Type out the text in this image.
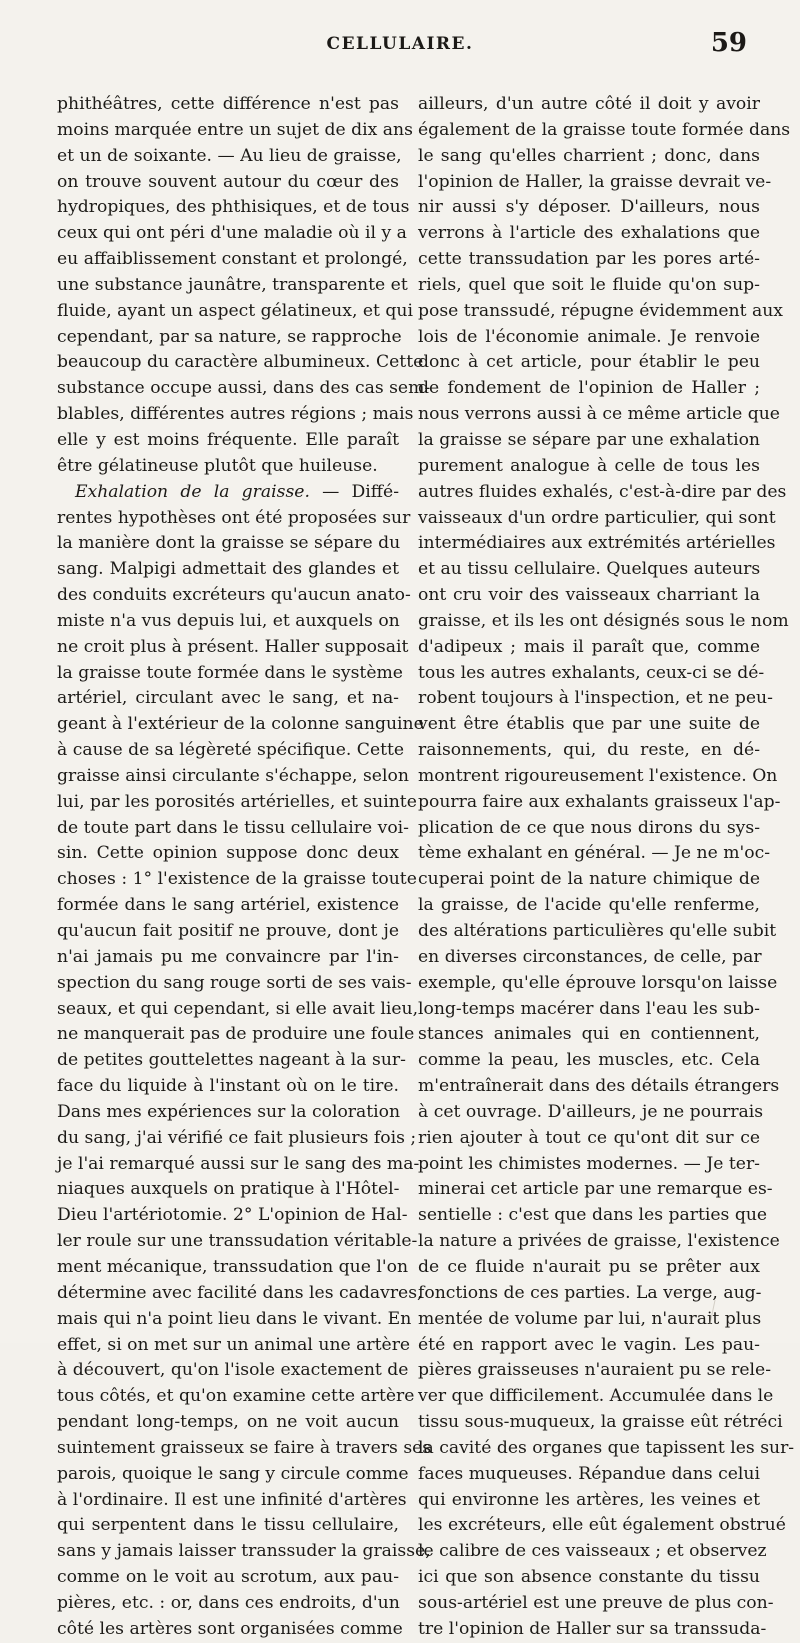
CELLULAIRE.	59
phithéâtres, cette différence n'est pas
moins marquée entre un sujet de dix ans
et un de soixante. — Au lieu de graisse,
on trouve souvent autour du cœur des
hydropiques, des phthisiques, et de tous
ceux qui ont péri d'une maladie où il y a
eu affaiblissement constant et prolongé,
une substance jaunâtre, transparente et
fluide, ayant un aspect gélatineux, et qui
cependant, par sa nature, se rapproche
beaucoup du caractère albumineux. Cette
substance occupe aussi, dans des cas sem-
blables, différentes autres régions ; mais
elle y est moins fréquente. Elle paraît
être gélatineuse plutôt que huileuse.
Exhalation de la graisse. — Diffé-
rentes hypothèses ont été proposées sur
la manière dont la graisse se sépare du
sang. Malpigi admettait des glandes et
des conduits excréteurs qu'aucun anato-
miste n'a vus depuis lui, et auxquels on
ne croit plus à présent. Haller supposait
la graisse toute formée dans le système
artériel, circulant avec le sang, et na-
geant à l'extérieur de la colonne sanguine
à cause de sa légèreté spécifique. Cette
graisse ainsi circulante s'échappe, selon
lui, par les porosités artérielles, et suinte
de toute part dans le tissu cellulaire voi-
sin. Cette opinion suppose donc deux
choses : 1° l'existence de la graisse toute
formée dans le sang artériel, existence
qu'aucun fait positif ne prouve, dont je
n'ai jamais pu me convaincre par l'in-
spection du sang rouge sorti de ses vais-
seaux, et qui cependant, si elle avait lieu,
ne manquerait pas de produire une foule
de petites gouttelettes nageant à la sur-
face du liquide à l'instant où on le tire.
Dans mes expériences sur la coloration
du sang, j'ai vérifié ce fait plusieurs fois ;
je l'ai remarqué aussi sur le sang des ma-
niaques auxquels on pratique à l'Hôtel-
Dieu l'artériotomie. 2° L'opinion de Hal-
ler roule sur une transsudation véritable-
ment mécanique, transsudation que l'on
détermine avec facilité dans les cadavres,
mais qui n'a point lieu dans le vivant. En
effet, si on met sur un animal une artère
à découvert, qu'on l'isole exactement de
tous côtés, et qu'on examine cette artère
pendant long-temps, on ne voit aucun
suintement graisseux se faire à travers ses
parois, quoique le sang y circule comme
à l'ordinaire. Il est une infinité d'artères
qui serpentent dans le tissu cellulaire,
sans y jamais laisser transsuder la graisse,
comme on le voit au scrotum, aux pau-
pières, etc. : or, dans ces endroits, d'un
côté les artères sont organisées comme
ailleurs, d'un autre côté il doit y avoir
également de la graisse toute formée dans
le sang qu'elles charrient ; donc, dans
l'opinion de Haller, la graisse devrait ve-
nir aussi s'y déposer. D'ailleurs, nous
verrons à l'article des exhalations que
cette transsudation par les pores arté-
riels, quel que soit le fluide qu'on sup-
pose transsudé, répugne évidemment aux
lois de l'économie animale. Je renvoie
donc à cet article, pour établir le peu
de fondement de l'opinion de Haller ;
nous verrons aussi à ce même article que
la graisse se sépare par une exhalation
purement analogue à celle de tous les
autres fluides exhalés, c'est-à-dire par des
vaisseaux d'un ordre particulier, qui sont
intermédiaires aux extrémités artérielles
et au tissu cellulaire. Quelques auteurs
ont cru voir des vaisseaux charriant la
graisse, et ils les ont désignés sous le nom
d'adipeux ; mais il paraît que, comme
tous les autres exhalants, ceux-ci se dé-
robent toujours à l'inspection, et ne peu-
vent être établis que par une suite de
raisonnements, qui, du reste, en dé-
montrent rigoureusement l'existence. On
pourra faire aux exhalants graisseux l'ap-
plication de ce que nous dirons du sys-
tème exhalant en général. — Je ne m'oc-
cuperai point de la nature chimique de
la graisse, de l'acide qu'elle renferme,
des altérations particulières qu'elle subit
en diverses circonstances, de celle, par
exemple, qu'elle éprouve lorsqu'on laisse
long-temps macérer dans l'eau les sub-
stances animales qui en contiennent,
comme la peau, les muscles, etc. Cela
m'entraînerait dans des détails étrangers
à cet ouvrage. D'ailleurs, je ne pourrais
rien ajouter à tout ce qu'ont dit sur ce
point les chimistes modernes. — Je ter-
minerai cet article par une remarque es-
sentielle : c'est que dans les parties que
la nature a privées de graisse, l'existence
de ce fluide n'aurait pu se prêter aux
fonctions de ces parties. La verge, aug-
mentée de volume par lui, n'aurait plus
été en rapport avec le vagin. Les pau-
pières graisseuses n'auraient pu se rele-
ver que difficilement. Accumulée dans le
tissu sous-muqueux, la graisse eût rétréci
la cavité des organes que tapissent les sur-
faces muqueuses. Répandue dans celui
qui environne les artères, les veines et
les excréteurs, elle eût également obstrué
le calibre de ces vaisseaux ; et observez
ici que son absence constante du tissu
sous-artériel est une preuve de plus con-
tre l'opinion de Haller sur sa transsuda-
